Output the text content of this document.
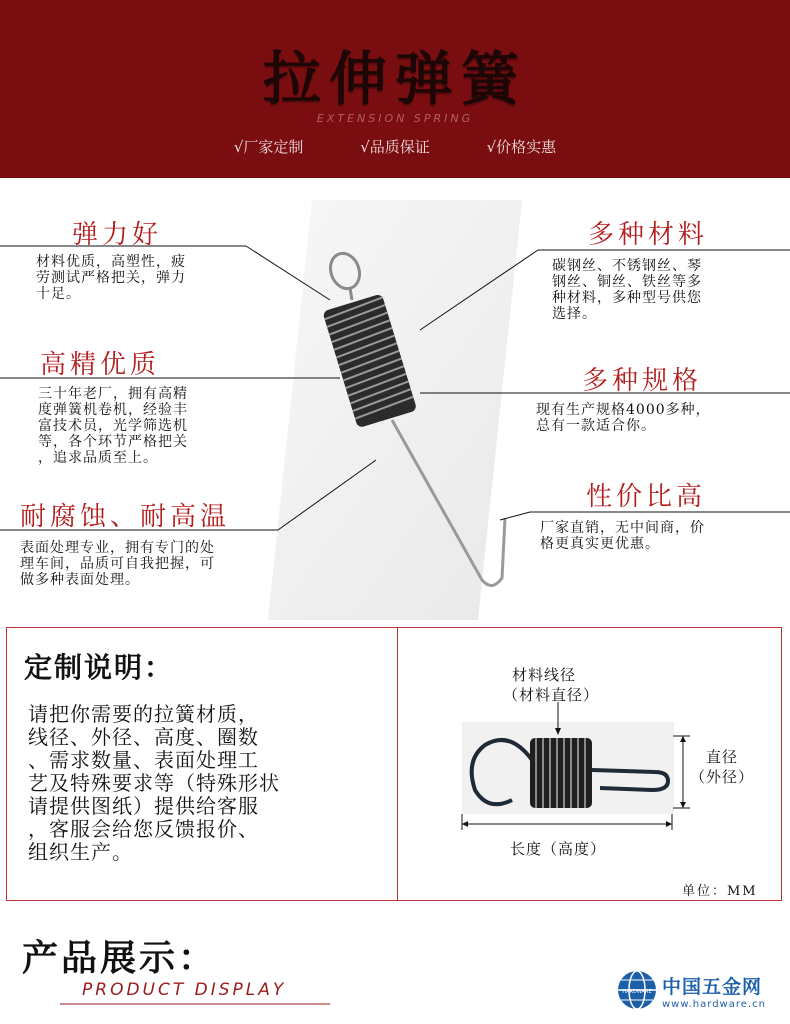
拉伸弹簧
EXTENSION SPRING
√厂家定制	√品质保证	√价格实惠
弹力好
材料优质，高塑性，疲
劳测试严格把关，弹力
十足。
高精优质
三十年老厂，拥有高精
度弹簧机卷机，经验丰
富技术员，光学筛选机
等，各个环节严格把关
，追求品质至上。
耐腐蚀、耐高温
表面处理专业，拥有专门的处
理车间，品质可自我把握，可
做多种表面处理。
多种材料
碳钢丝、不锈钢丝、琴
钢丝、铜丝、铁丝等多
种材料，多种型号供您
选择。
多种规格
现有生产规格4000多种，
总有一款适合你。
性价比高
厂家直销，无中间商，价
格更真实更优惠。
定制说明：
请把你需要的拉簧材质，
线径、外径、高度、圈数
、需求数量、表面处理工
艺及特殊要求等（特殊形状
请提供图纸）提供给客服
，客服会给您反馈报价、
组织生产。
材料线径
（材料直径）
直径
（外径）
长度（高度）
单位：MM
产品展示：
PRODUCT DISPLAY	HARDWARE 中国五金网
www.hardware.cn
